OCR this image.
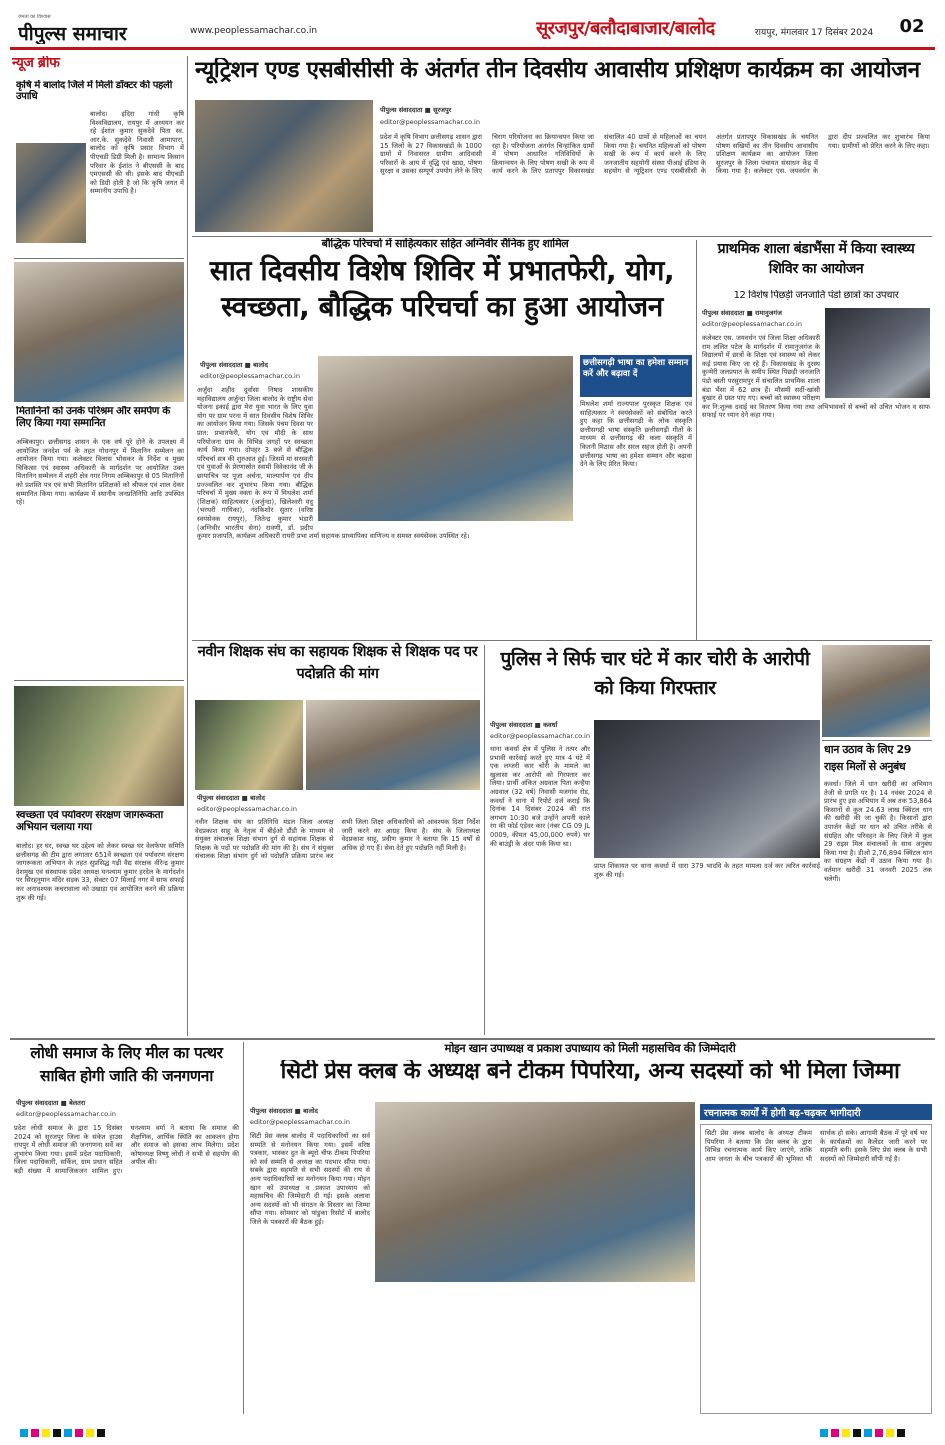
जनता का विश्वास
पीपुल्स समाचार	www.peoplessamachar.co.in	सूरजपुर/बलौदाबाजार/बालोद	रायपुर, मंगलवार 17 दिसंबर 2024 02
न्यूज ब्रीफ
कृषि में बालोद जिले में मिली डॉक्टर की पहली उपाधि
बालोद। इंदिरा गांधी कृषि विश्वविद्यालय, रायपुर में अध्ययन कर रहे ईशांत कुमार सुकदेवे पिता स्व. आर.के. सुकदेवे निवासी आमापारा, बालोद को कृषि प्रसार विभाग में पीएचडी डिग्री मिली है। सामान्य किसान परिवार के ईशांत ने बीएससी के बाद एमएससी की थी। इसके बाद पीएचडी को डिग्री होती है जो कि कृषि जगत में सम्मानीय उपाधि है।
मितानिनों को उनके परिश्रम और समर्पण के लिए किया गया सम्मानित
अम्बिकापुर। छत्तीसगढ़ शासन के एक वर्ष पूरे होने के उपलक्ष्य में आयोजित जनदेश पर्व के तहत गोधनपुर में मितानिन सम्मेलन का आयोजन किया गया। कलेक्टर विलास भोसकर के निर्देश व मुख्य चिकित्सा एवं स्वास्थ्य अधिकारी के मार्गदर्शन पर आयोजित उक्त मितानिन सम्मेलन में शहरी क्षेत्र नगर निगम अम्बिकापुर से 05 मितानिनों को प्रशस्ति पत्र एवं सभी मितानिन प्रशिक्षकों को श्रीफल एवं शाल देकर सम्मानित किया गया। कार्यक्रम में स्थानीय जनप्रतिनिधि आदि उपस्थित रहे।
स्वच्छता एवं पर्यावरण संरक्षण जागरूकता अभियान चलाया गया
बालोद। हर घर, स्वच्छ घर उद्देश्य को लेकर स्वच्छ घर वेलफेयर समिति छत्तीसगढ़ की टीम द्वारा लगातार 651वें स्वच्छता एवं पर्यावरण संरक्षण जागरूकता अभियान के तहत सुप्रसिद्ध गढ़ी वैद्य संरक्षक वीरेन्द्र कुमार देशमुख एवं संस्थापक प्रदेश अध्यक्ष घनश्याम कुमार हरदेल के मार्गदर्शन पर सिरहनुमान मंदिर सड़क 33, सेक्टर 07 मिलाई नगर में साफ सफाई कर अनावश्यक कचरावाला को उखाड़ा एवं आयोजित करने की प्रक्रिया शुरू की गई।
न्यूट्रिशन एण्ड एसबीसीसी के अंतर्गत तीन दिवसीय आवासीय प्रशिक्षण कार्यक्रम का आयोजन
पीपुल्स संवाददाता ■ सूरजपुर
editor@peoplessamachar.co.in
प्रदेश में कृषि विभाग छत्तीसगढ़ शासन द्वारा 15 जिलों के 27 विकासखंडों के 1000 ग्रामों में निवासरत ग्रामीण आदिवासी परिवारों के आय में वृद्धि एवं खाद्य, पोषण सुरक्षा व उसका सम्पूर्ण उपयोग लेने के लिए चिराग परियोजना का क्रियान्वयन किया जा रहा है। परियोजना अंतर्गत चिन्हांकित ग्रामों में पोषण आधारित गतिविधियों के क्रियान्वयन के लिए पोषण सखी के रूप में कार्य करने के लिए प्रतापपुर विकासखंड संचालित 40 ग्रामों से महिलाओं का चयन किया गया है। चयनित महिलाओं को पोषण सखी के रूप में कार्य करने के लिए जनजातीय सहयोगी संस्था पीआई इंडिया के सहयोग से न्यूट्रिशन एण्ड एसबीसीसी के अंतर्गत प्रतापपुर विकासखंड के चयनित पोषण सखियों का तीन दिवसीय आवासीय प्रशिक्षण कार्यक्रम का आयोजन जिला सूरजपुर के जिला पंचायत संसाधन केंद्र में किया गया है। कलेक्टर एस. जयवर्धन के द्वारा दीप प्रज्वलित कर शुभारंभ किया गया। ग्रामीणों को प्रेरित करने के लिए कहा।
बौद्धिक परिचर्चा में साहित्यकार सहित अग्निवीर सैनिक हुए शामिल
सात दिवसीय विशेष शिविर में प्रभातफेरी, योग, स्वच्छता, बौद्धिक परिचर्चा का हुआ आयोजन
पीपुल्स संवाददाता ■ बालोद
editor@peoplessamachar.co.in
अर्जुंदा शहीद दुर्वासा निषाद शासकीय महाविद्यालय अर्जुन्दा जिला बालोद के राष्ट्रीय सेवा योजना इकाई द्वारा मेरा युवा भारत के लिए युवा योग पर ग्राम परना में सात दिवसीय विशेष शिविर का आयोजन किया गया। जिसके पंचम दिवस पर प्रात: प्रभातफेरी, योग एवं मौदी के साथ परियोजना ग्राम के विभिन्न जगहों पर स्वच्छता कार्य किया गया। दोपहर 3 बजे से बौद्धिक परिचर्चा सत्र की शुरुआत हुई। जिसमें मां सरस्वती एवं युवाओं के प्रेरणास्रोत स्वामी विवेकानंद जी के छायाचित्र पर पूजा अर्चना, माल्यार्पण एवं दीप प्रज्ज्वलित कर शुभारंभ किया गया। बौद्धिक परिचर्चा में मुख्य वक्ता के रूप में मिथलेश शर्मा (शिक्षक) साहित्यकार (अर्जुन्दा), खिलेश्वरी यदु (भरथरी गायिका), नंदकिशोर सुतार (वरिष्ठ स्वयंसेवक रायपुर), जितेन्द्र कुमार भंडारी (अग्निवीर भारतीय सेना) रावणी, डॉ. प्रदीप कुमार प्रजापति, कार्यक्रम अधिकारी रायरी प्रभा शर्मा सहायक प्राध्यापिका वाणिज्य व समस्त स्वयंसेवक उपस्थित रहे।
छत्तीसगढ़ी भाषा का हमेशा सम्मान करें और बढ़ावा दें
मिथलेश शर्मा राज्यपाल पुरस्कृत शिक्षक एवं साहित्यकार ने स्वयंसेवकों को संबोधित करते हुए कहा कि छत्तीसगढ़ी के लोक संस्कृति छत्तीसगढ़ी भाषा संस्कृति छत्तीसगढ़ी गीतों के माध्यम से छत्तीसगढ़ की कला संस्कृति में कितनी मिठास और सरल सहज होती है। अपनी छत्तीसगढ़ भाषा का हमेशा सम्मान और बढ़ावा देने के लिए प्रेरित किया।
प्राथमिक शाला बंडाभैंसा में किया स्वास्थ्य शिविर का आयोजन
12 विशेष पिछड़ी जनजाति पंडो छात्रों का उपचार
पीपुल्स संवाददाता ■ रामानुजगंज
editor@peoplessamachar.co.in
कलेक्टर एस. जयवर्धन एवं जिला शिक्षा अधिकारी राम ललित पटेल के मार्गदर्शन में रामानुजगंज के विद्यालयों में छात्रों के शिक्षा एवं स्वास्थ्य को लेकर कई प्रयास किए जा रहे हैं। विकासखंड के दुरस्थ कुन्मेरी जलप्रपात के समीप स्थित पिछड़ी जनजाति पंडो बस्ती परसुरामपुर में संचालित प्राथमिक शाला बंडा भैंसा में 62 छात्र हैं। मौसमी सर्दी-खांसी बुखार से ग्रस्त पाए गए। बच्चों को स्वास्थ्य परीक्षण कर नि:शुल्क दवाई का वितरण किया गया तथा अभिभावकों से बच्चों को उचित भोजन व साफ सफाई पर ध्यान देने कहा गया।
नवीन शिक्षक संघ का सहायक शिक्षक से शिक्षक पद पर पदोन्नति की मांग
पीपुल्स संवाददाता ■ बालोद
editor@peoplessamachar.co.in
नवीन शिक्षक संघ का प्रतिनिधि मंडल जिला अध्यक्ष वेदप्रकाश साहू के नेतृत्व में बीईओ डौंडी के माध्यम से संयुक्त संचालक शिक्षा संभाग दुर्ग से सहायक शिक्षक से शिक्षक के पदों पर पदोन्नति की मांग की है। संघ ने संयुक्त संचालक शिक्षा संभाग दुर्ग को पदोन्नति प्रक्रिया प्रारंभ कर सभी जिला शिक्षा अधिकारियों को आवश्यक दिशा निर्देश जारी करने का आग्रह किया है। संघ के जिलाध्यक्ष वेदप्रकाश साहू, प्रवीण कुमार ने बताया कि 15 वर्षों से अधिक हो गए हैं। सेवा देते हुए पदोन्नति नहीं मिली है।
पुलिस ने सिर्फ चार घंटे में कार चोरी के आरोपी को किया गिरफ्तार
पीपुल्स संवाददाता ■ कवर्धा
editor@peoplessamachar.co.in
थाना कवर्धा क्षेत्र में पुलिस ने तत्पर और प्रभावी कार्रवाई करते हुए मात्र 4 घंटे में एक लग्जरी कार चोरी के मामले का खुलासा कर आरोपी को गिरफ्तार कर लिया। प्रार्थी अंकित अग्रवाल पिता कन्हैया अग्रवाल (32 वर्ष) निवासी मजगांव रोड, कवर्धा ने थाना में रिपोर्ट दर्ज कराई कि दिनांक 14 दिसंबर 2024 की रात लगभग 10:30 बजे उन्होंने अपनी काले रंग की फोर्ड एंडेवर कार (नंबर CG 09 JL 0009, कीमत 45,00,000 रुपये) घर की बाउंड्री के अंदर पार्क किया था।
प्राप्त शिकायत पर थाना कवर्धा में धारा 379 भादवि के तहत मामला दर्ज कर त्वरित कार्रवाई शुरू की गई।
धान उठाव के लिए 29 राइस मिलों से अनुबंध
कवर्धा। जिले में धान खरीदी का अभियान तेजी से प्रगति पर है। 14 नवंबर 2024 से प्रारंभ हुए इस अभियान में अब तक 53,864 किसानों से कुल 24.63 लाख क्विंटल धान की खरीदी की जा चुकी है। किसानों द्वारा उपार्जन केंद्रों पर धान को उचित तरीके से संग्रहित और परिवहन के लिए जिले में कुल 29 राइस मिल संचालकों के साथ अनुबंध किया गया है। डीओ 2,76,894 क्विंटल धान का संग्रहण केंद्रों में उठाव किया गया है। वर्तमान खरीदी 31 जनवरी 2025 तक चलेगी।
लोधी समाज के लिए मील का पत्थर साबित होगी जाति की जनगणना
पीपुल्स संवाददाता ■ बेलतरा
editor@peoplessamachar.co.in
प्रदेश लोधी समाज के द्वारा 15 दिसंबर 2024 को सूरजपुर जिला के संकेत हाउस रायपुर में लोधी समाज की जनगणना सर्वे का शुभारंभ किया गया। इसमें प्रदेश पदाधिकारी, जिला पदाधिकारी, सर्किल, ग्राम प्रधान सहित बड़ी संख्या में सामाजिकजन शामिल हुए। घनश्याम वर्मा ने बताया कि समाज की शैक्षणिक, आर्थिक स्थिति का आकलन होगा और समाज को इसका लाभ मिलेगा। प्रदेश कोषाध्यक्ष विष्णु लोधी ने सभी से सहयोग की अपील की।
मोइन खान उपाध्यक्ष व प्रकाश उपाध्याय को मिली महासचिव की जिम्मेदारी
सिटी प्रेस क्लब के अध्यक्ष बने टीकम पिपरिया, अन्य सदस्यों को भी मिला जिम्मा
पीपुल्स संवाददाता ■ बालोद
editor@peoplessamachar.co.in
सिटी प्रेस क्लब बालोद में पदाधिकारियों का सर्व सम्मति से मनोनयन किया गया। इसमें वरिष्ठ पत्रकार, भास्कर दुत के ब्यूरो चीफ टीकम पिपरिया को सर्व सम्मति से अध्यक्ष का पदभार सौंपा गया। सबके द्वारा सहमति से सभी सदस्यों की राय से अन्य पदाधिकारियों का मनोनयन किया गया। मोइन खान को उपाध्यक्ष व प्रकाश उपाध्याय को महासचिव की जिम्मेदारी दी गई। इसके अलावा अन्य सदस्यों को भी संगठन के विस्तार का जिम्मा सौंपा गया। सोमवार को पांडुका रिसोर्ट में बालोद जिले के पत्रकारों की बैठक हुई।
रचनात्मक कार्यों में होगी बढ़-चढ़कर भागीदारी
सिटी प्रेस क्लब बालोद के अध्यक्ष टीकम पिपरिया ने बताया कि प्रेस क्लब के द्वारा विभिन्न रचनात्मक कार्य किए जाएंगे, ताकि आम जनता के बीच पत्रकारों की भूमिका भी सार्थक हो सके। आगामी बैठक में पूरे वर्ष भर के कार्यक्रमों का कैलेंडर जारी करने पर सहमति बनी। इसके लिए प्रेस क्लब के सभी सदस्यों को जिम्मेदारी सौंपी गई है।
